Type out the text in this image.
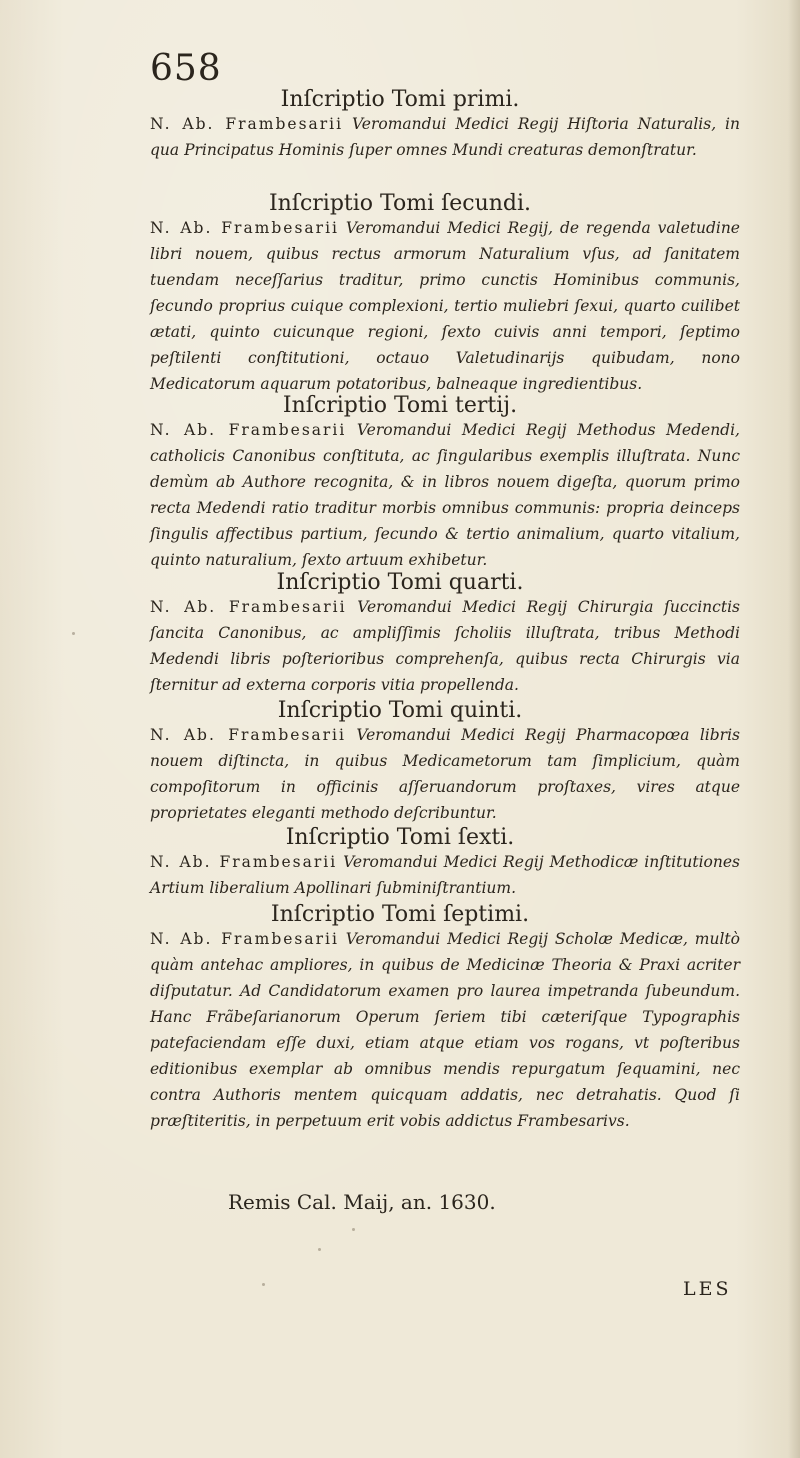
658
Inſcriptio Tomi primi.
N. Ab. Frambesarii Veromandui Medici Regij Hiſtoria Naturalis, in qua Principatus Hominis ſuper omnes Mundi creaturas demonſtratur.
Inſcriptio Tomi ſecundi.
N. Ab. Frambesarii Veromandui Medici Regij, de regenda valetudine libri nouem, quibus rectus armorum Naturalium vſus, ad ſanitatem tuendam neceſſarius traditur, primo cunctis Hominibus communis, ſecundo proprius cuique complexioni, tertio muliebri ſexui, quarto cuilibet ætati, quinto cuicunque regioni, ſexto cuivis anni tempori, ſeptimo peſtilenti conſtitutioni, octauo Valetudinarijs quibudam, nono Medicatorum aquarum potatoribus, balneaque ingredientibus.
Inſcriptio Tomi tertij.
N. Ab. Frambesarii Veromandui Medici Regij Methodus Medendi, catholicis Canonibus conſtituta, ac ſingularibus exemplis illuſtrata. Nunc demùm ab Authore recognita, & in libros nouem digeſta, quorum primo recta Medendi ratio traditur morbis omnibus communis: propria deinceps ſingulis affectibus partium, ſecundo & tertio animalium, quarto vitalium, quinto naturalium, ſexto artuum exhibetur.
Inſcriptio Tomi quarti.
N. Ab. Frambesarii Veromandui Medici Regij Chirurgia ſuccinctis ſancita Canonibus, ac ampliſſimis ſcholiis illuſtrata, tribus Methodi Medendi libris poſterioribus comprehenſa, quibus recta Chirurgis via ſternitur ad externa corporis vitia propellenda.
Inſcriptio Tomi quinti.
N. Ab. Frambesarii Veromandui Medici Regij Pharmacopœa libris nouem diſtincta, in quibus Medicametorum tam ſimplicium, quàm compoſitorum in officinis aſſeruandorum proſtaxes, vires atque proprietates eleganti methodo deſcribuntur.
Inſcriptio Tomi ſexti.
N. Ab. Frambesarii Veromandui Medici Regij Methodicæ inſtitutiones Artium liberalium Apollinari ſubminiſtrantium.
Inſcriptio Tomi ſeptimi.
N. Ab. Frambesarii Veromandui Medici Regij Scholæ Medicæ, multò quàm antehac ampliores, in quibus de Medicinæ Theoria & Praxi acriter diſputatur. Ad Candidatorum examen pro laurea impetranda ſubeundum. Hanc Frãbeſarianorum Operum ſeriem tibi cæteriſque Typographis patefaciendam eſſe duxi, etiam atque etiam vos rogans, vt poſteribus editionibus exemplar ab omnibus mendis repurgatum ſequamini, nec contra Authoris mentem quicquam addatis, nec detrahatis. Quod ſi præſtiteritis, in perpetuum erit vobis addictus Frambesarivs.
Remis Cal. Maij, an. 1630.
LES
